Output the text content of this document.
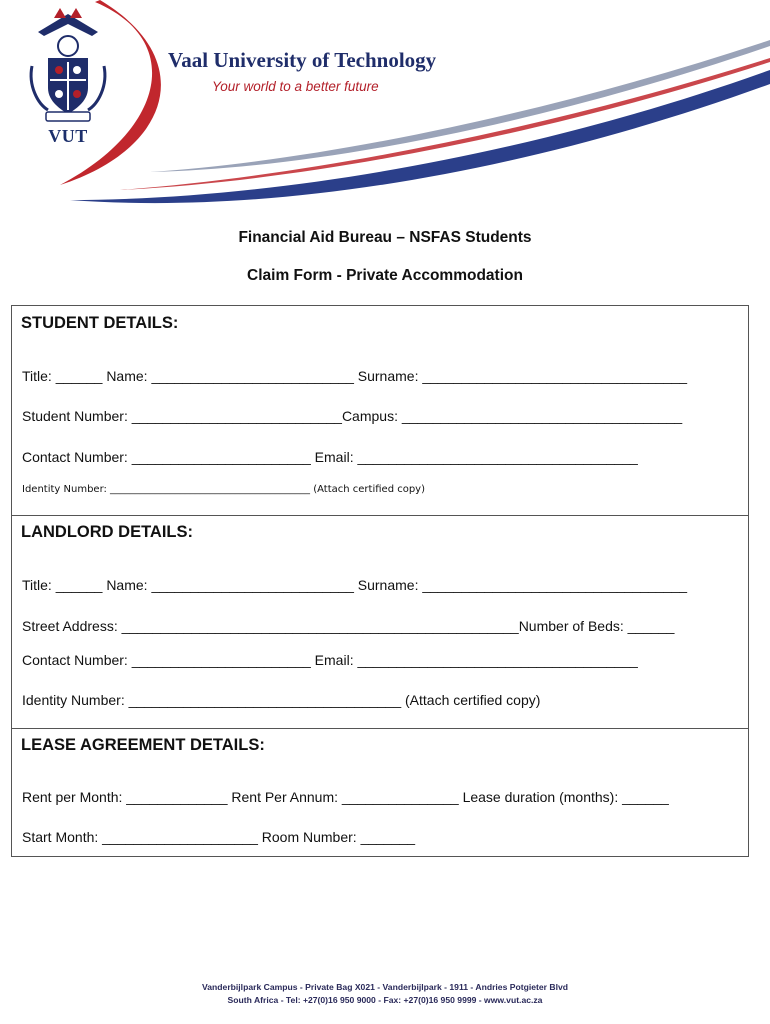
VUT
Vaal University of Technology
Your world to a better future
Financial Aid Bureau – NSFAS Students
Claim Form - Private Accommodation
STUDENT DETAILS:
Title: ______ Name: __________________________ Surname: __________________________________
Student Number: ___________________________Campus: ____________________________________
Contact Number: _______________________ Email: ____________________________________
Identity Number: ________________________________________ (Attach certified copy)
LANDLORD DETAILS:
Title: ______ Name: __________________________ Surname: __________________________________
Street Address: ___________________________________________________Number of Beds: ______
Contact Number: _______________________ Email: ____________________________________
Identity Number: ___________________________________ (Attach certified copy)
LEASE AGREEMENT DETAILS:
Rent per Month: _____________ Rent Per Annum: _______________ Lease duration (months): ______
Start Month: ____________________ Room Number: _______
Vanderbijlpark Campus - Private Bag X021 - Vanderbijlpark - 1911 - Andries Potgieter Blvd
South Africa - Tel: +27(0)16 950 9000 - Fax: +27(0)16 950 9999 - www.vut.ac.za
